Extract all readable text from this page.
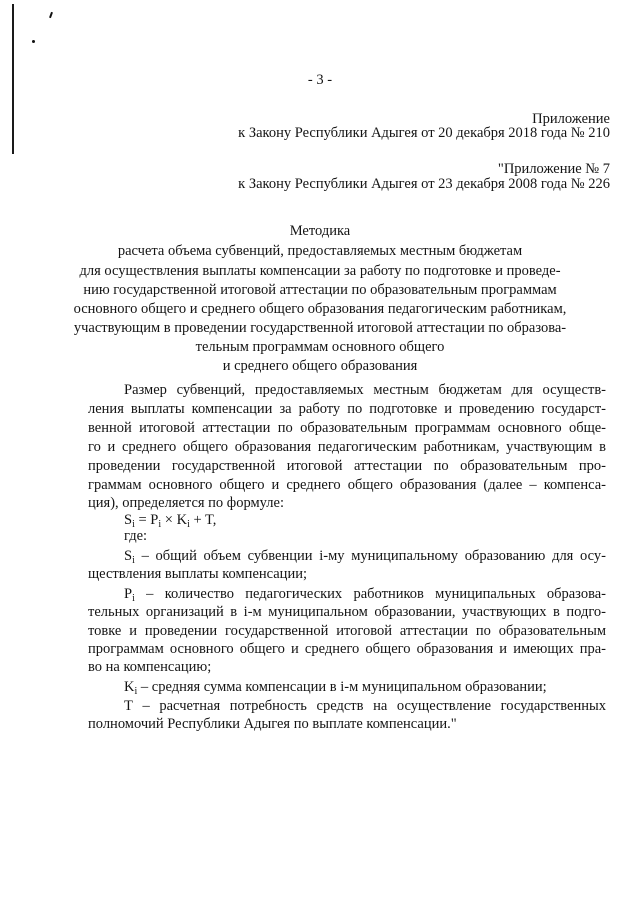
- 3 -
Приложение
к Закону Республики Адыгея от 20 декабря 2018 года № 210
"Приложение № 7
к Закону Республики Адыгея от 23 декабря 2008 года № 226
Методика
расчета объема субвенций, предоставляемых местным бюджетам
для осуществления выплаты компенсации за работу по подготовке и проведе-
нию государственной итоговой аттестации по образовательным программам
основного общего и среднего общего образования педагогическим работникам,
участвующим в проведении государственной итоговой аттестации по образова-
тельным программам основного общего
и среднего общего образования
Размер субвенций, предоставляемых местным бюджетам для осуществ-
ления выплаты компенсации за работу по подготовке и проведению государст-
венной итоговой аттестации по образовательным программам основного обще-
го и среднего общего образования педагогическим работникам, участвующим в
проведении государственной итоговой аттестации по образовательным про-
граммам основного общего и среднего общего образования (далее – компенса-
ция), определяется по формуле:
$S_i = P_i \times K_i + T$,
где:
$S_i$ – общий объем субвенции i-му муниципальному образованию для осу-
ществления выплаты компенсации;
$P_i$ – количество педагогических работников муниципальных образова-
тельных организаций в i-м муниципальном образовании, участвующих в подго-
товке и проведении государственной итоговой аттестации по образовательным
программам основного общего и среднего общего образования и имеющих пра-
во на компенсацию;
$K_i$ – средняя сумма компенсации в i-м муниципальном образовании;
Т – расчетная потребность средств на осуществление государственных
полномочий Республики Адыгея по выплате компенсации."
